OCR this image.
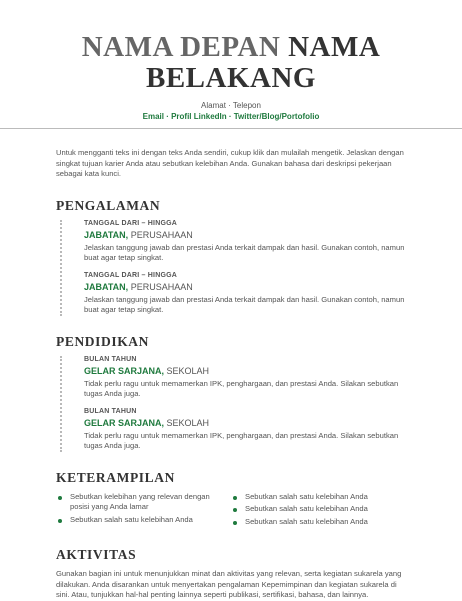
NAMA DEPAN NAMA
BELAKANG
Alamat · Telepon
Email · Profil LinkedIn · Twitter/Blog/Portofolio

Untuk mengganti teks ini dengan teks Anda sendiri, cukup klik dan mulailah mengetik. Jelaskan dengan singkat tujuan karier Anda atau sebutkan kelebihan Anda. Gunakan bahasa dari deskripsi pekerjaan sebagai kata kunci.

PENGALAMAN
TANGGAL DARI – HINGGA
JABATAN, PERUSAHAAN
Jelaskan tanggung jawab dan prestasi Anda terkait dampak dan hasil. Gunakan contoh, namun buat agar tetap singkat.
TANGGAL DARI – HINGGA
JABATAN, PERUSAHAAN
Jelaskan tanggung jawab dan prestasi Anda terkait dampak dan hasil. Gunakan contoh, namun buat agar tetap singkat.
PENDIDIKAN
BULAN TAHUN
GELAR SARJANA, SEKOLAH
Tidak perlu ragu untuk memamerkan IPK, penghargaan, dan prestasi Anda. Silakan sebutkan tugas Anda juga.
BULAN TAHUN
GELAR SARJANA, SEKOLAH
Tidak perlu ragu untuk memamerkan IPK, penghargaan, dan prestasi Anda. Silakan sebutkan tugas Anda juga.
KETERAMPILAN
Sebutkan kelebihan yang relevan dengan posisi yang Anda lamar
Sebutkan salah satu kelebihan Anda
Sebutkan salah satu kelebihan Anda
Sebutkan salah satu kelebihan Anda
Sebutkan salah satu kelebihan Anda
AKTIVITAS
Gunakan bagian ini untuk menunjukkan minat dan aktivitas yang relevan, serta kegiatan sukarela yang dilakukan. Anda disarankan untuk menyertakan pengalaman Kepemimpinan dan kegiatan sukarela di sini. Atau, tunjukkan hal-hal penting lainnya seperti publikasi, sertifikasi, bahasa, dan lainnya.
